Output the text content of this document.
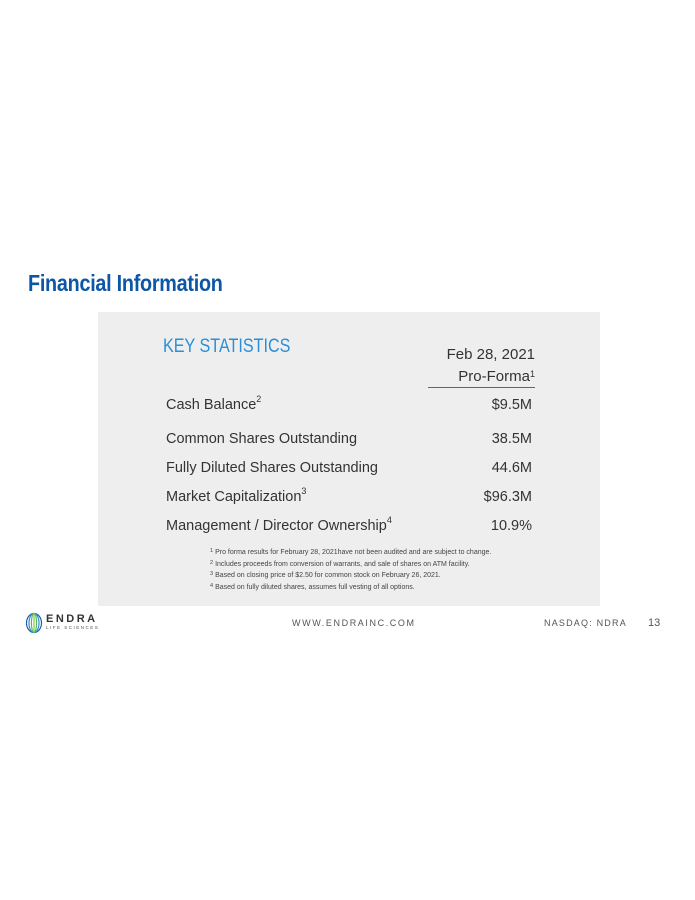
Financial Information
KEY STATISTICS	Feb 28, 2021
Pro-Forma$^1$
Cash Balance$^2$	$9.5M
Common Shares Outstanding	38.5M
Fully Diluted Shares Outstanding	44.6M
Market Capitalization$^3$	$96.3M
Management / Director Ownership$^4$	10.9%
$^1$ Pro forma results for February 28, 2021have not been audited and are subject to change.
$^2$ Includes proceeds from conversion of warrants, and sale of shares on ATM facility.
$^3$ Based on closing price of $2.50 for common stock on February 26, 2021.
$^4$ Based on fully diluted shares, assumes full vesting of all options.
ENDRA
LIFE SCIENCES	WWW.ENDRAINC.COM	NASDAQ: NDRA 13
